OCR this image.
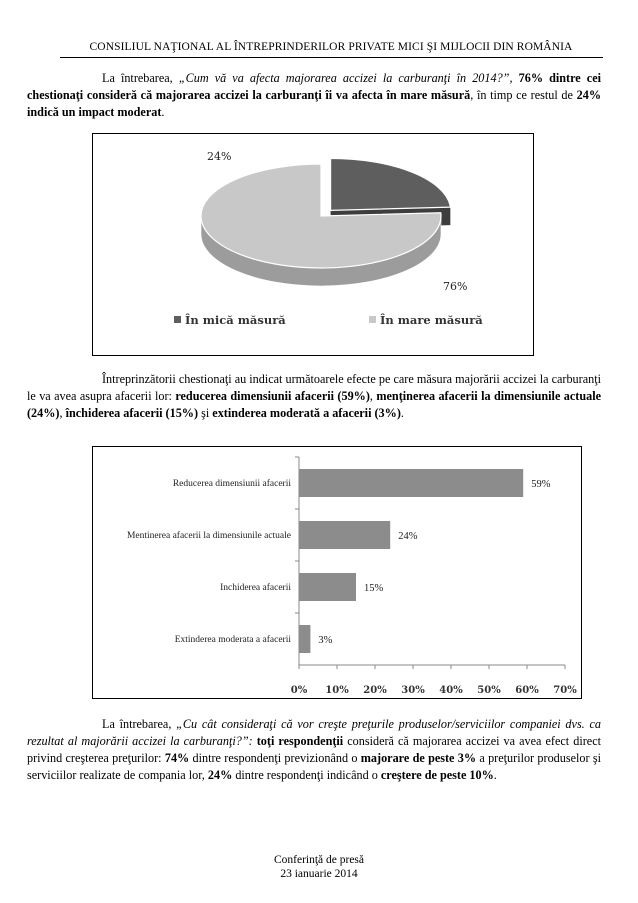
CONSILIUL NAŢIONAL AL ÎNTREPRINDERILOR PRIVATE MICI ŞI MIJLOCII DIN ROMÂNIA

La întrebarea, „Cum vă va afecta majorarea accizei la carburanţi în 2014?”, 76% dintre cei chestionaţi consideră că majorarea accizei la carburanţi îi va afecta în mare măsură, în timp ce restul de 24% indică un impact moderat.

24%
76%
În mică măsură	În mare măsură

Întreprinzătorii chestionaţi au indicat următoarele efecte pe care măsura majorării accizei la carburanţi le va avea asupra afacerii lor: reducerea dimensiunii afacerii (59%), menţinerea afacerii la dimensiunile actuale (24%), închiderea afacerii (15%) şi extinderea moderată a afacerii (3%).

0% 10% 20% 30% 40% 50% 60% 70%
Reducerea dimensiunii afacerii	59%
Mentinerea afacerii la dimensiunile actuale	24%
Inchiderea afacerii	15%
Extinderea moderata a afacerii	3%

La întrebarea, „Cu cât consideraţi că vor creşte preţurile produselor/serviciilor companiei dvs. ca rezultat al majorării accizei la carburanţi?”: toţi respondenţii consideră că majorarea accizei va avea efect direct privind creşterea preţurilor: 74% dintre respondenţi previzionând o majorare de peste 3% a preţurilor produselor şi serviciilor realizate de compania lor, 24% dintre respondenţi indicând o creştere de peste 10%.

Conferinţă de presă
23 ianuarie 2014
